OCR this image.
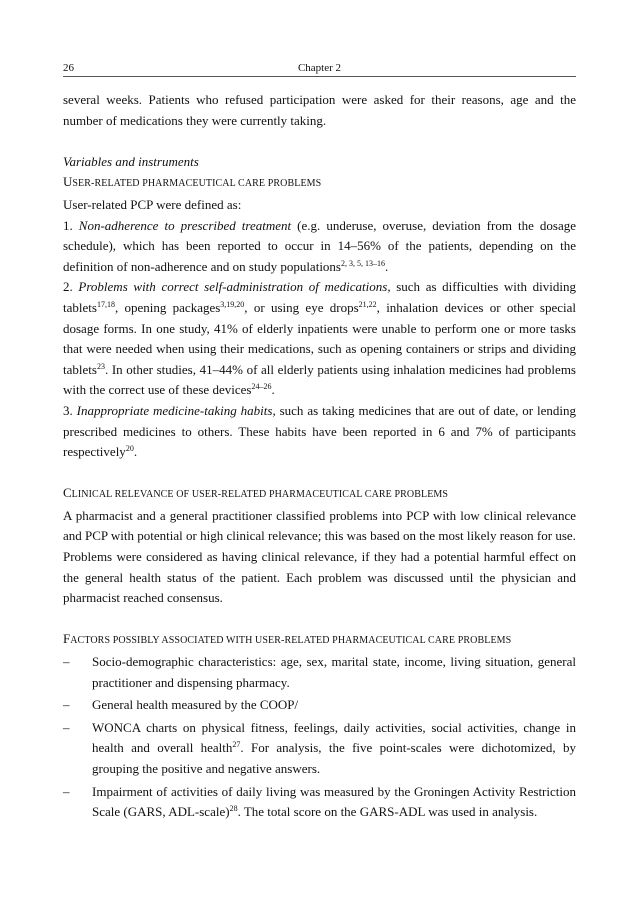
26	Chapter 2

several weeks. Patients who refused participation were asked for their reasons, age and the number of medications they were currently taking.

Variables and instruments

USER-RELATED PHARMACEUTICAL CARE PROBLEMS

User-related PCP were defined as:

1. Non-adherence to prescribed treatment (e.g. underuse, overuse, deviation from the dosage schedule), which has been reported to occur in 14–56% of the patients, depending on the definition of non-adherence and on study populations$^{2, 3, 5, 13-16}$.

2. Problems with correct self-administration of medications, such as difficulties with dividing tablets$^{17,18}$, opening packages$^{3,19,20}$, or using eye drops$^{21,22}$, inhalation devices or other special dosage forms. In one study, 41% of elderly inpatients were unable to perform one or more tasks that were needed when using their medications, such as opening containers or strips and dividing tablets$^{23}$. In other studies, 41–44% of all elderly patients using inhalation medicines had problems with the correct use of these devices$^{24-26}$.

3. Inappropriate medicine-taking habits, such as taking medicines that are out of date, or lending prescribed medicines to others. These habits have been reported in 6 and 7% of participants respectively$^{20}$.

CLINICAL RELEVANCE OF USER-RELATED PHARMACEUTICAL CARE PROBLEMS

A pharmacist and a general practitioner classified problems into PCP with low clinical relevance and PCP with potential or high clinical relevance; this was based on the most likely reason for use.

Problems were considered as having clinical relevance, if they had a potential harmful effect on the general health status of the patient. Each problem was discussed until the physician and pharmacist reached consensus.

FACTORS POSSIBLY ASSOCIATED WITH USER-RELATED PHARMACEUTICAL CARE PROBLEMS

– Socio-demographic characteristics: age, sex, marital state, income, living situation, general practitioner and dispensing pharmacy.
– General health measured by the COOP/
– WONCA charts on physical fitness, feelings, daily activities, social activities, change in health and overall health$^{27}$. For analysis, the five point-scales were dichotomized, by grouping the positive and negative answers.
– Impairment of activities of daily living was measured by the Groningen Activity Restriction Scale (GARS, ADL-scale)$^{28}$. The total score on the GARS-ADL was used in analysis.
